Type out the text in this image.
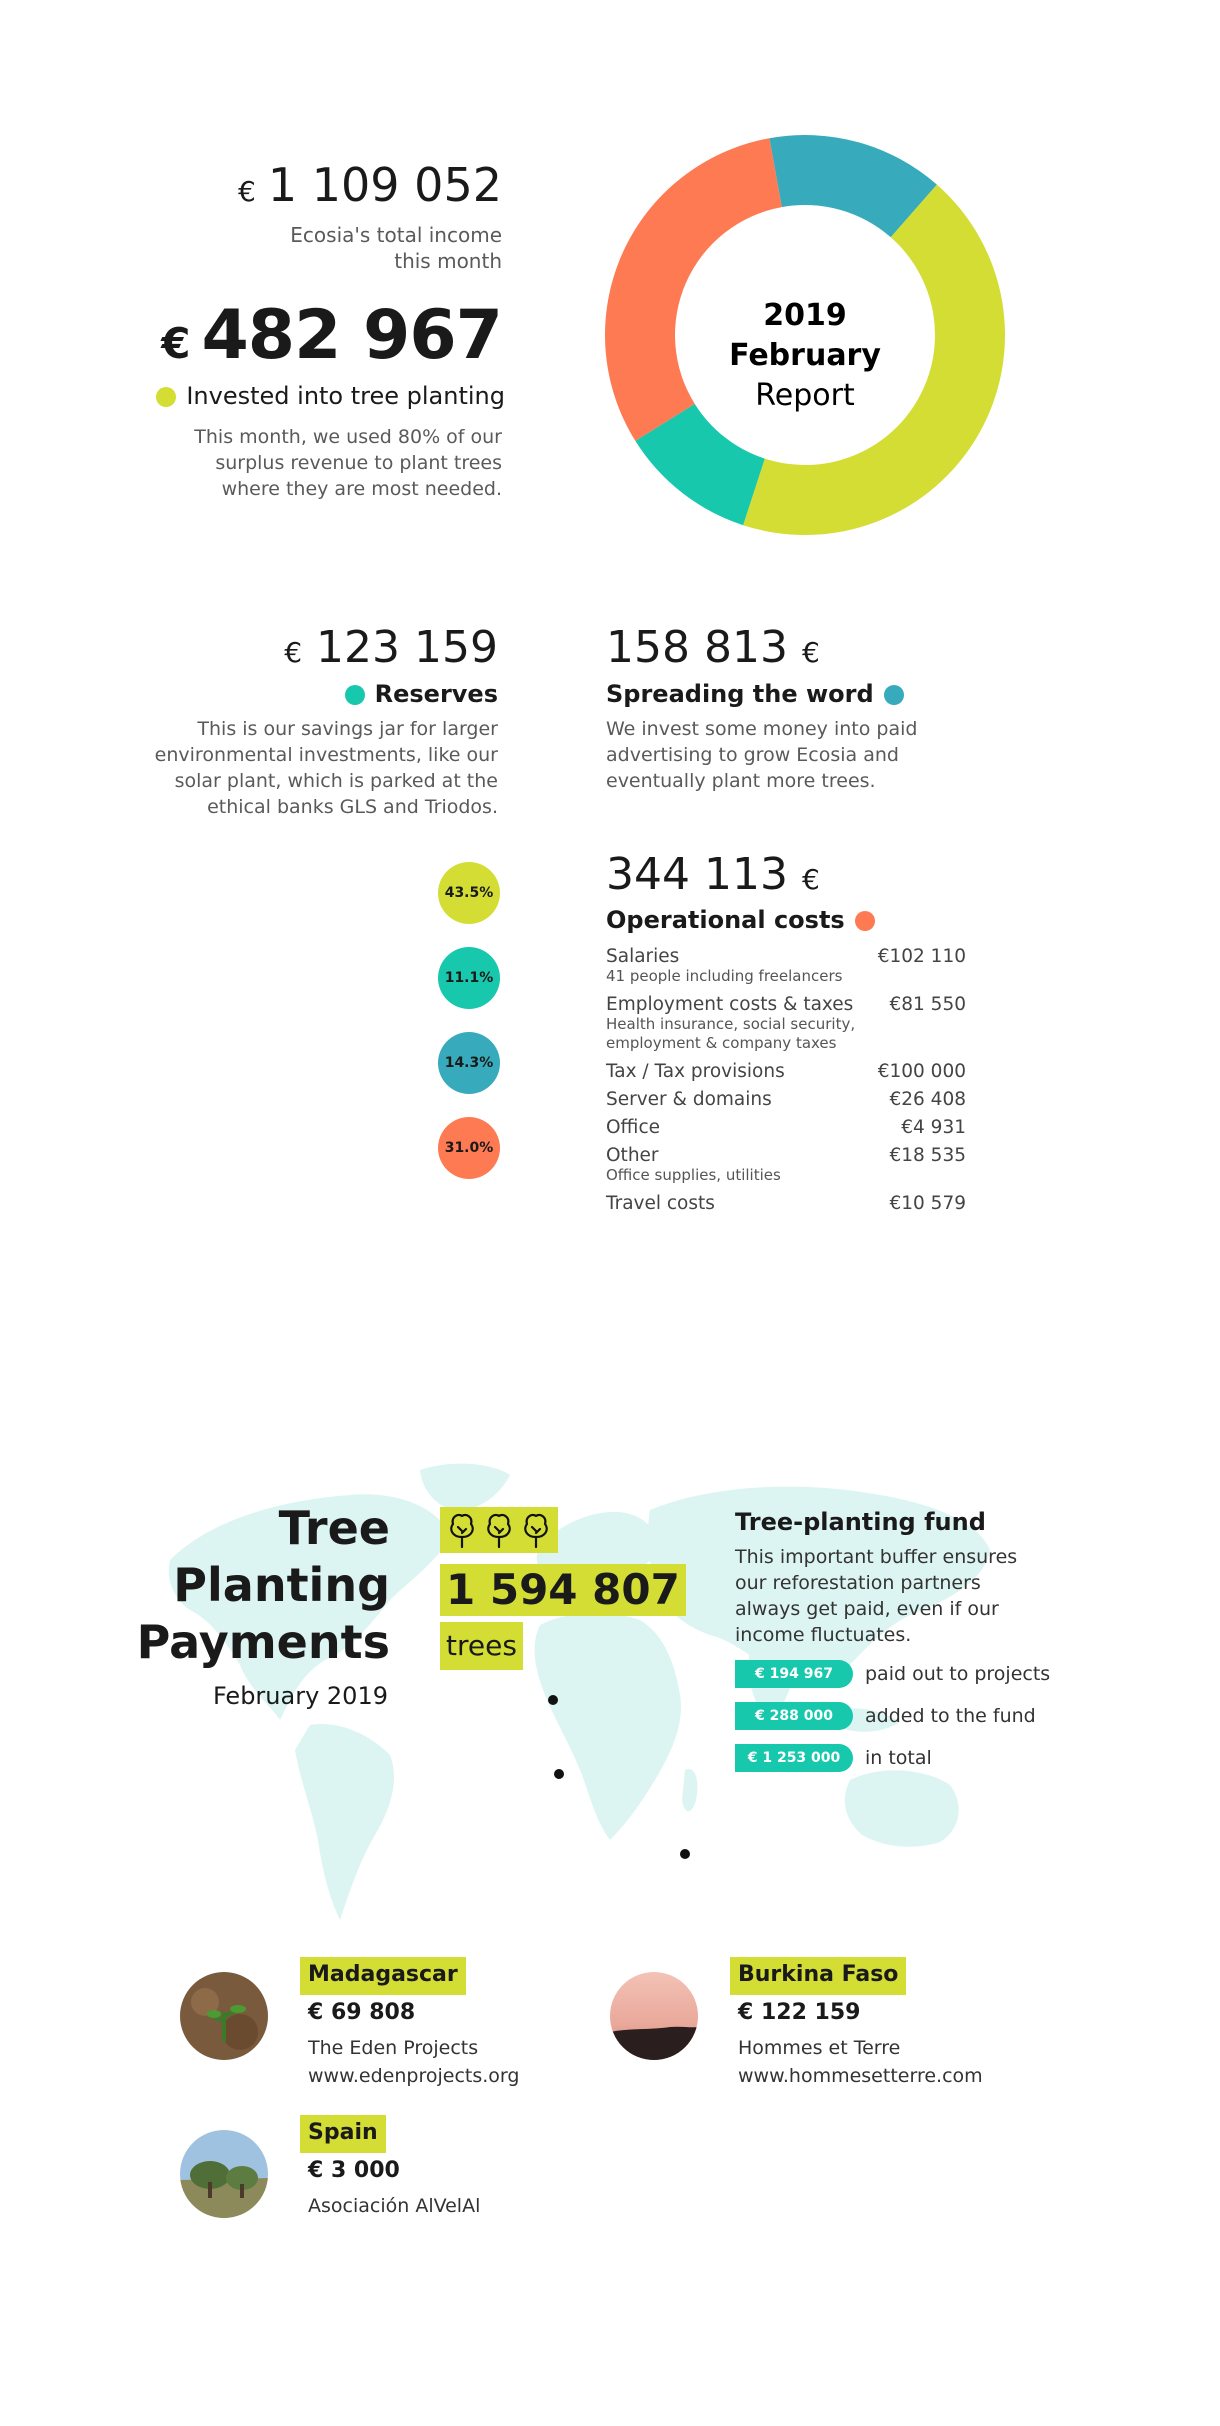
€ 1 109 052
Ecosia's total income this month
€ 482 967
Invested into tree planting
This month, we used 80% of our surplus revenue to plant trees where they are most needed.
2019
February
Report
€ 123 159
Reserves
This is our savings jar for larger environmental investments, like our solar plant, which is parked at the ethical banks GLS and Triodos.
158 813 €
Spreading the word
We invest some money into paid advertising to grow Ecosia and eventually plant more trees.
43.5%
11.1%
14.3%
31.0%
344 113 €
Operational costs
Salaries	€102 110
41 people including freelancers
Employment costs & taxes €81 550
Health insurance, social security, employment & company taxes
Tax / Tax provisions	€100 000
Server & domains	€26 408
Office	€4 931
Other	€18 535
Office supplies, utilities
Travel costs	€10 579
Tree
Planting
Payments
February 2019
1 594 807
trees
Tree-planting fund
This important buffer ensures our reforestation partners always get paid, even if our income fluctuates.
€ 194 967	paid out to projects
€ 288 000	added to the fund
€ 1 253 000	in total
Madagascar
€ 69 808
The Eden Projects
www.edenprojects.org
Burkina Faso
€ 122 159
Hommes et Terre
www.hommesetterre.com
Spain
€ 3 000
Asociación AlVelAl
